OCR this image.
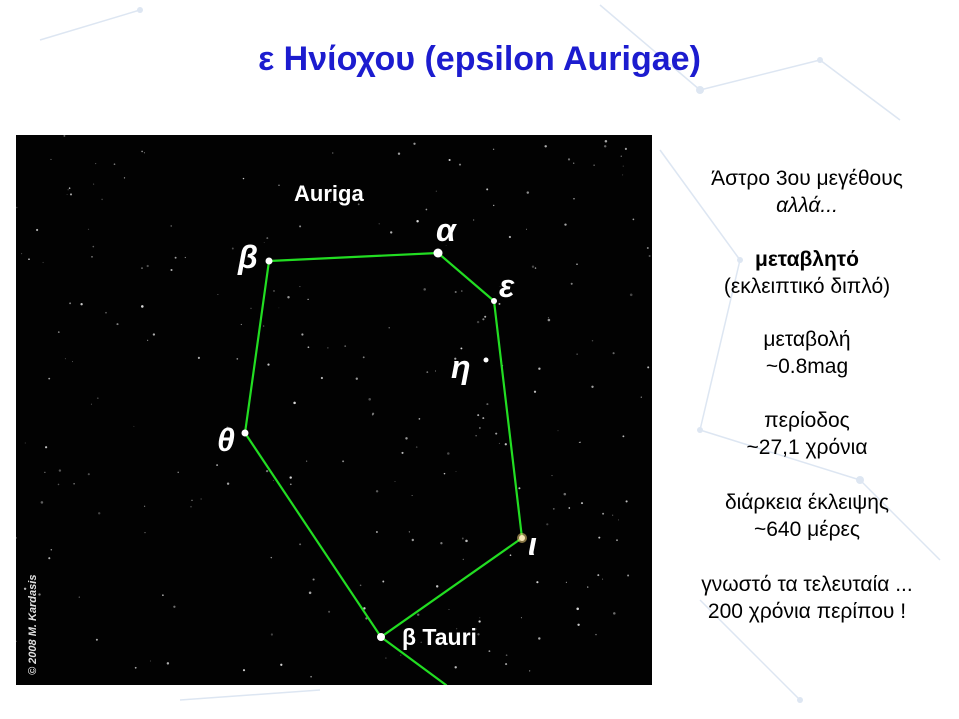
ε Ηνίοχου (epsilon Aurigae)
Auriga
β
α
ε
η
θ
ι
β Tauri
© 2008 M. Kardasis

Άστρο 3ου μεγέθους
αλλά...

μεταβλητό
(εκλειπτικό διπλό)

μεταβολή
~0.8mag

περίοδος
~27,1 χρόνια

διάρκεια έκλειψης
~640 μέρες

γνωστό τα τελευταία ...
200 χρόνια περίπου !
